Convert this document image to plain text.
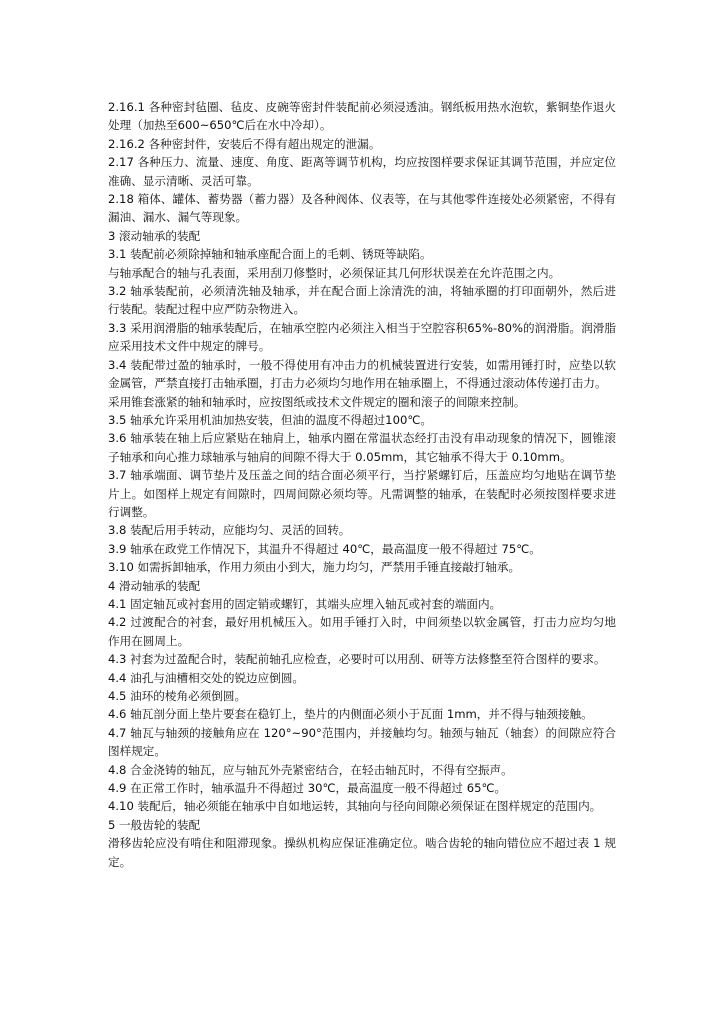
2.16.1 各种密封毡圈、毡皮、皮碗等密封件装配前必须浸透油。钢纸板用热水泡软，紫铜垫作退火处理（加热至600~650℃后在水中冷却）。

2.16.2 各种密封件，安装后不得有超出规定的泄漏。

2.17 各种压力、流量、速度、角度、距离等调节机构，均应按图样要求保证其调节范围，并应定位准确、显示清晰、灵活可靠。

2.18 箱体、罐体、蓄势器（蓄力器）及各种阀体、仪表等，在与其他零件连接处必须紧密，不得有漏油、漏水、漏气等现象。

3 滚动轴承的装配

3.1 装配前必须除掉轴和轴承座配合面上的毛刺、锈斑等缺陷。

与轴承配合的轴与孔表面，采用刮刀修整时，必须保证其几何形状误差在允许范围之内。

3.2 轴承装配前，必须清洗轴及轴承，并在配合面上涂清洗的油，将轴承圈的打印面朝外，然后进行装配。装配过程中应严防杂物进入。

3.3 采用润滑脂的轴承装配后，在轴承空腔内必须注入相当于空腔容积65%-80%的润滑脂。润滑脂应采用技术文件中规定的牌号。

3.4 装配带过盈的轴承时，一般不得使用有冲击力的机械装置进行安装，如需用锤打时，应垫以软金属管，严禁直接打击轴承圈，打击力必须均匀地作用在轴承圈上，不得通过滚动体传递打击力。

采用锥套涨紧的轴和轴承时，应按图纸或技术文件规定的圈和滚子的间隙来控制。

3.5 轴承允许采用机油加热安装，但油的温度不得超过100℃。

3.6 轴承装在轴上后应紧贴在轴肩上，轴承内圈在常温状态经打击没有串动现象的情况下，圆锥滚子轴承和向心推力球轴承与轴肩的间隙不得大于 0.05mm，其它轴承不得大于 0.10mm。

3.7 轴承端面、调节垫片及压盖之间的结合面必须平行，当拧紧螺钉后，压盖应均匀地贴在调节垫片上。如图样上规定有间隙时，四周间隙必须均等。凡需调整的轴承，在装配时必须按图样要求进行调整。

3.8 装配后用手转动，应能均匀、灵活的回转。

3.9 轴承在政党工作情况下，其温升不得超过 40℃，最高温度一般不得超过 75℃。

3.10 如需拆卸轴承，作用力须由小到大，施力均匀，严禁用手锤直接敲打轴承。

4 滑动轴承的装配

4.1 固定轴瓦或衬套用的固定销或螺钉，其端头应埋入轴瓦或衬套的端面内。

4.2 过渡配合的衬套，最好用机械压入。如用手锤打入时，中间须垫以软金属管，打击力应均匀地作用在圆周上。

4.3 衬套为过盈配合时，装配前轴孔应检查，必要时可以用刮、研等方法修整至符合图样的要求。

4.4 油孔与油槽相交处的锐边应倒圆。

4.5 油环的棱角必须倒圆。

4.6 轴瓦剖分面上垫片要套在稳钉上，垫片的内侧面必须小于瓦面 1mm，并不得与轴颈接触。

4.7 轴瓦与轴颈的接触角应在 120°~90°范围内，并接触均匀。轴颈与轴瓦（轴套）的间隙应符合图样规定。

4.8 合金浇铸的轴瓦，应与轴瓦外壳紧密结合，在轻击轴瓦时，不得有空振声。

4.9 在正常工作时，轴承温升不得超过 30℃，最高温度一般不得超过 65℃。

4.10 装配后，轴必须能在轴承中自如地运转，其轴向与径向间隙必须保证在图样规定的范围内。

5 一般齿轮的装配

滑移齿轮应没有啃住和阻滞现象。操纵机构应保证准确定位。啮合齿轮的轴向错位应不超过表 1 规定。
